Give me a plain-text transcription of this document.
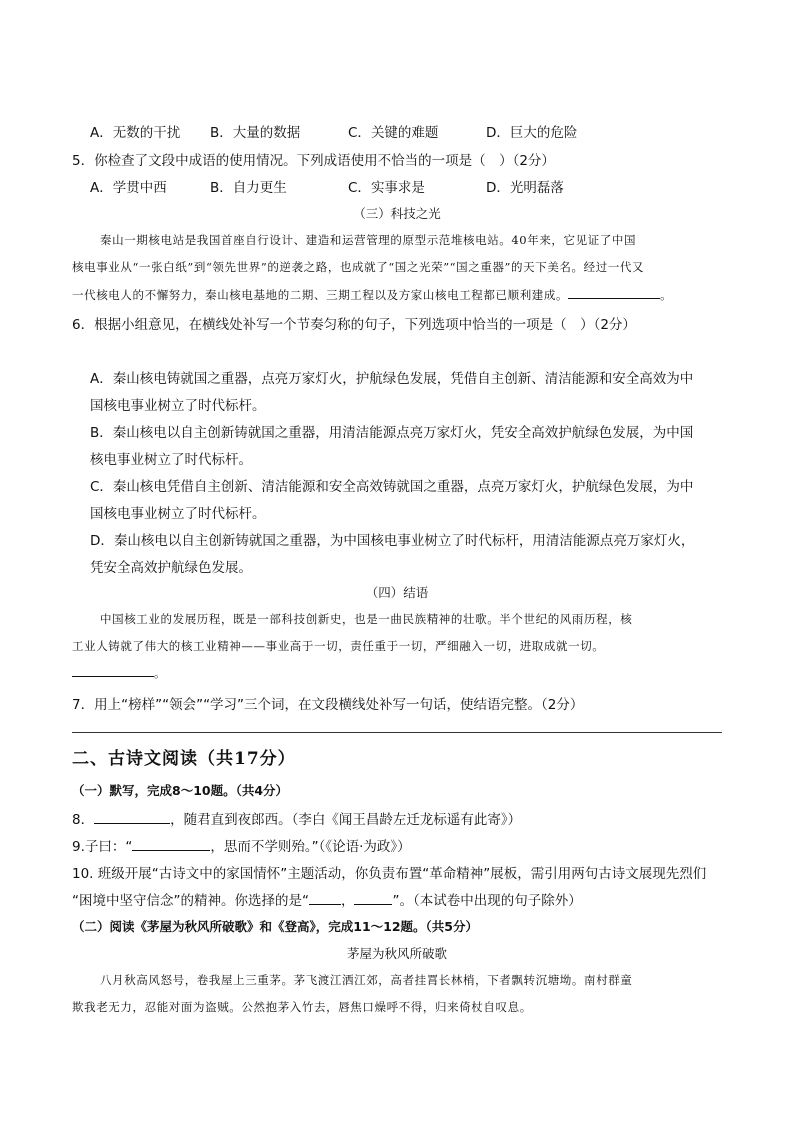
A．无数的干扰 B．大量的数据	C．关键的难题	D．巨大的危险
5．你检查了文段中成语的使用情况。下列成语使用不恰当的一项是（　）（2分）
A．学贯中西	B．自力更生	C．实事求是	D．光明磊落
（三）科技之光
秦山一期核电站是我国首座自行设计、建造和运营管理的原型示范堆核电站。40年来，它见证了中国
核电事业从“一张白纸”到“领先世界”的逆袭之路，也成就了“国之光荣”“国之重器”的天下美名。经过一代又
一代核电人的不懈努力，秦山核电基地的二期、三期工程以及方家山核电工程都已顺利建成。	。
6．根据小组意见，在横线处补写一个节奏匀称的句子，下列选项中恰当的一项是（　）（2分）
A．秦山核电铸就国之重器，点亮万家灯火，护航绿色发展，凭借自主创新、清洁能源和安全高效为中
国核电事业树立了时代标杆。
B．秦山核电以自主创新铸就国之重器，用清洁能源点亮万家灯火，凭安全高效护航绿色发展，为中国
核电事业树立了时代标杆。
C．秦山核电凭借自主创新、清洁能源和安全高效铸就国之重器，点亮万家灯火，护航绿色发展，为中
国核电事业树立了时代标杆。
D．秦山核电以自主创新铸就国之重器，为中国核电事业树立了时代标杆，用清洁能源点亮万家灯火，
凭安全高效护航绿色发展。
（四）结语
中国核工业的发展历程，既是一部科技创新史，也是一曲民族精神的壮歌。半个世纪的风雨历程，核
工业人铸就了伟大的核工业精神——事业高于一切，责任重于一切，严细融入一切，进取成就一切。
。
7．用上“榜样”“领会”“学习”三个词，在文段横线处补写一句话，使结语完整。（2分）
二、古诗文阅读（共17分）
（一）默写，完成8～10题。（共4分）
8．	，随君直到夜郎西。（李白《闻王昌龄左迁龙标遥有此寄》）
9.子曰：“	，思而不学则殆。”（《论语·为政》）
10. 班级开展“古诗文中的家国情怀”主题活动，你负责布置“革命精神”展板，需引用两句古诗文展现先烈们
“困境中坚守信念”的精神。你选择的是“ ，	”。（本试卷中出现的句子除外）
（二）阅读《茅屋为秋风所破歌》和《登高》，完成11～12题。（共5分）
茅屋为秋风所破歌
八月秋高风怒号，卷我屋上三重茅。茅飞渡江洒江郊，高者挂罥长林梢，下者飘转沉塘坳。南村群童
欺我老无力，忍能对面为盗贼。公然抱茅入竹去，唇焦口燥呼不得，归来倚杖自叹息。
